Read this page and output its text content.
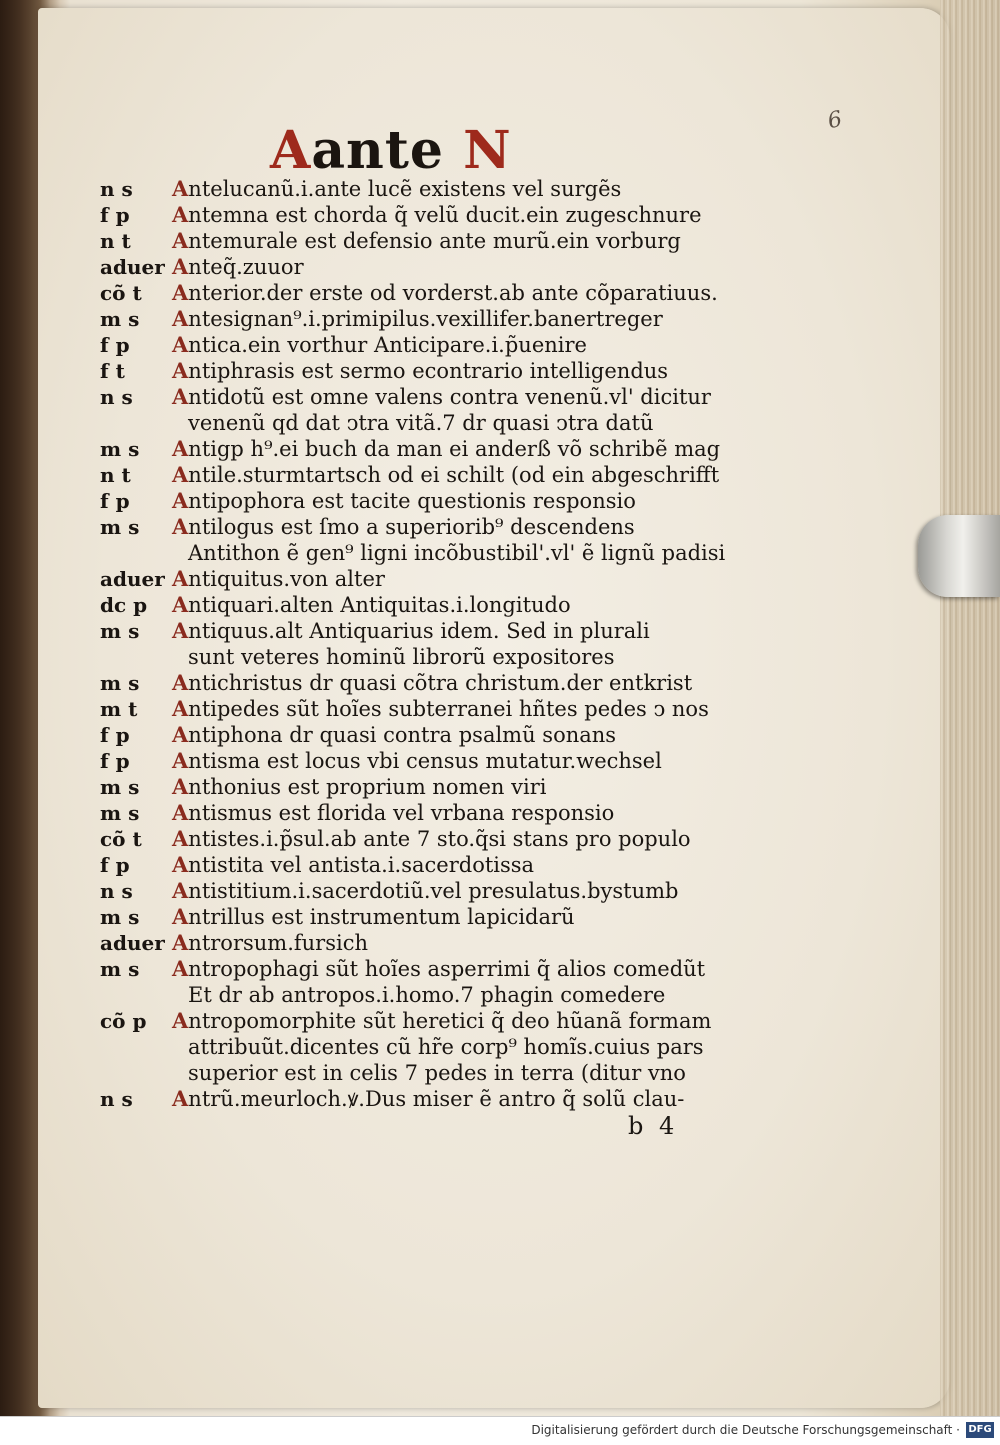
6
Aante N
n s	Antelucanũ.i.ante lucẽ existens vel surgẽs
f p	Antemna est chorda q̃ velũ ducit.ein zugeschnure
n t	Antemurale est defensio ante murũ.ein vorburg
aduer Anteq̃.zuuor
cõ t	Anterior.der erste od vorderst.ab ante cõparatiuus.
m s	Antesignan⁹.i.primipilus.vexillifer.banertreger
f p	Antica.ein vorthur Anticipare.i.p̃uenire
f t	Antiphrasis est sermo econtrario intelligendus
n s	Antidotũ est omne valens contra venenũ.vl' dicitur
venenũ qd dat ↄtra vitã.7 dr quasi ↄtra datũ
m s	Antigp h⁹.ei buch da man ei anderß võ schribẽ mag
n t	Antile.sturmtartsch od ei schilt (od ein abgeschrifft
f p	Antipophora est tacite questionis responsio
m s	Antilogus est ſmo a superiorib⁹ descendens
Antithon ẽ gen⁹ ligni incõbustibil'.vl' ẽ lignũ padisi
aduer Antiquitus.von alter
dc p	Antiquari.alten Antiquitas.i.longitudo
m s	Antiquus.alt Antiquarius idem. Sed in plurali
sunt veteres hominũ librorũ expositores
m s	Antichristus dr quasi cõtra christum.der entkrist
m t	Antipedes sũt hoĩes subterranei hñtes pedes ↄ nos
f p	Antiphona dr quasi contra psalmũ sonans
f p	Antisma est locus vbi census mutatur.wechsel
m s	Anthonius est proprium nomen viri
m s	Antismus est florida vel vrbana responsio
cõ t	Antistes.i.p̃sul.ab ante 7 sto.q̃si stans pro populo
f p	Antistita vel antista.i.sacerdotissa
n s	Antistitium.i.sacerdotiũ.vel presulatus.bystumb
m s	Antrillus est instrumentum lapicidarũ
aduer Antrorsum.fursich
m s	Antropophagi sũt hoĩes asperrimi q̃ alios comedũt
Et dr ab antropos.i.homo.7 phagin comedere
cõ p	Antropomorphite sũt heretici q̃ deo hũanã formam
attribuũt.dicentes cũ hr̃e corp⁹ homĩs.cuius pars
superior est in celis 7 pedes in terra (ditur vno
n s	Antrũ.meurloch.ꝟ.Dus miser ẽ antro q̃ solũ clau-
b 4
Digitalisierung gefördert durch die Deutsche Forschungsgemeinschaft · DFG
